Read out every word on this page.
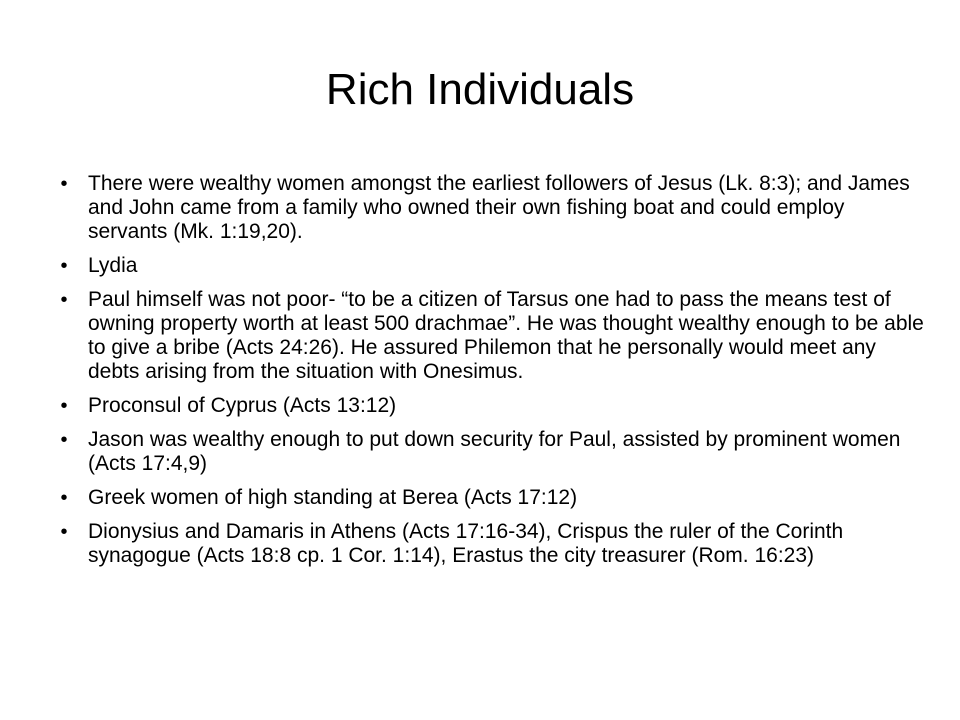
Rich Individuals
• There were wealthy women amongst the earliest followers of Jesus (Lk. 8:3); and James and John came from a family who owned their own fishing boat and could employ servants (Mk. 1:19,20).
• Lydia
• Paul himself was not poor- “to be a citizen of Tarsus one had to pass the means test of owning property worth at least 500 drachmae”. He was thought wealthy enough to be able to give a bribe (Acts 24:26). He assured Philemon that he personally would meet any debts arising from the situation with Onesimus.
• Proconsul of Cyprus (Acts 13:12)
• Jason was wealthy enough to put down security for Paul, assisted by prominent women (Acts 17:4,9)
• Greek women of high standing at Berea (Acts 17:12)
• Dionysius and Damaris in Athens (Acts 17:16-34), Crispus the ruler of the Corinth synagogue (Acts 18:8 cp. 1 Cor. 1:14), Erastus the city treasurer (Rom. 16:23)
